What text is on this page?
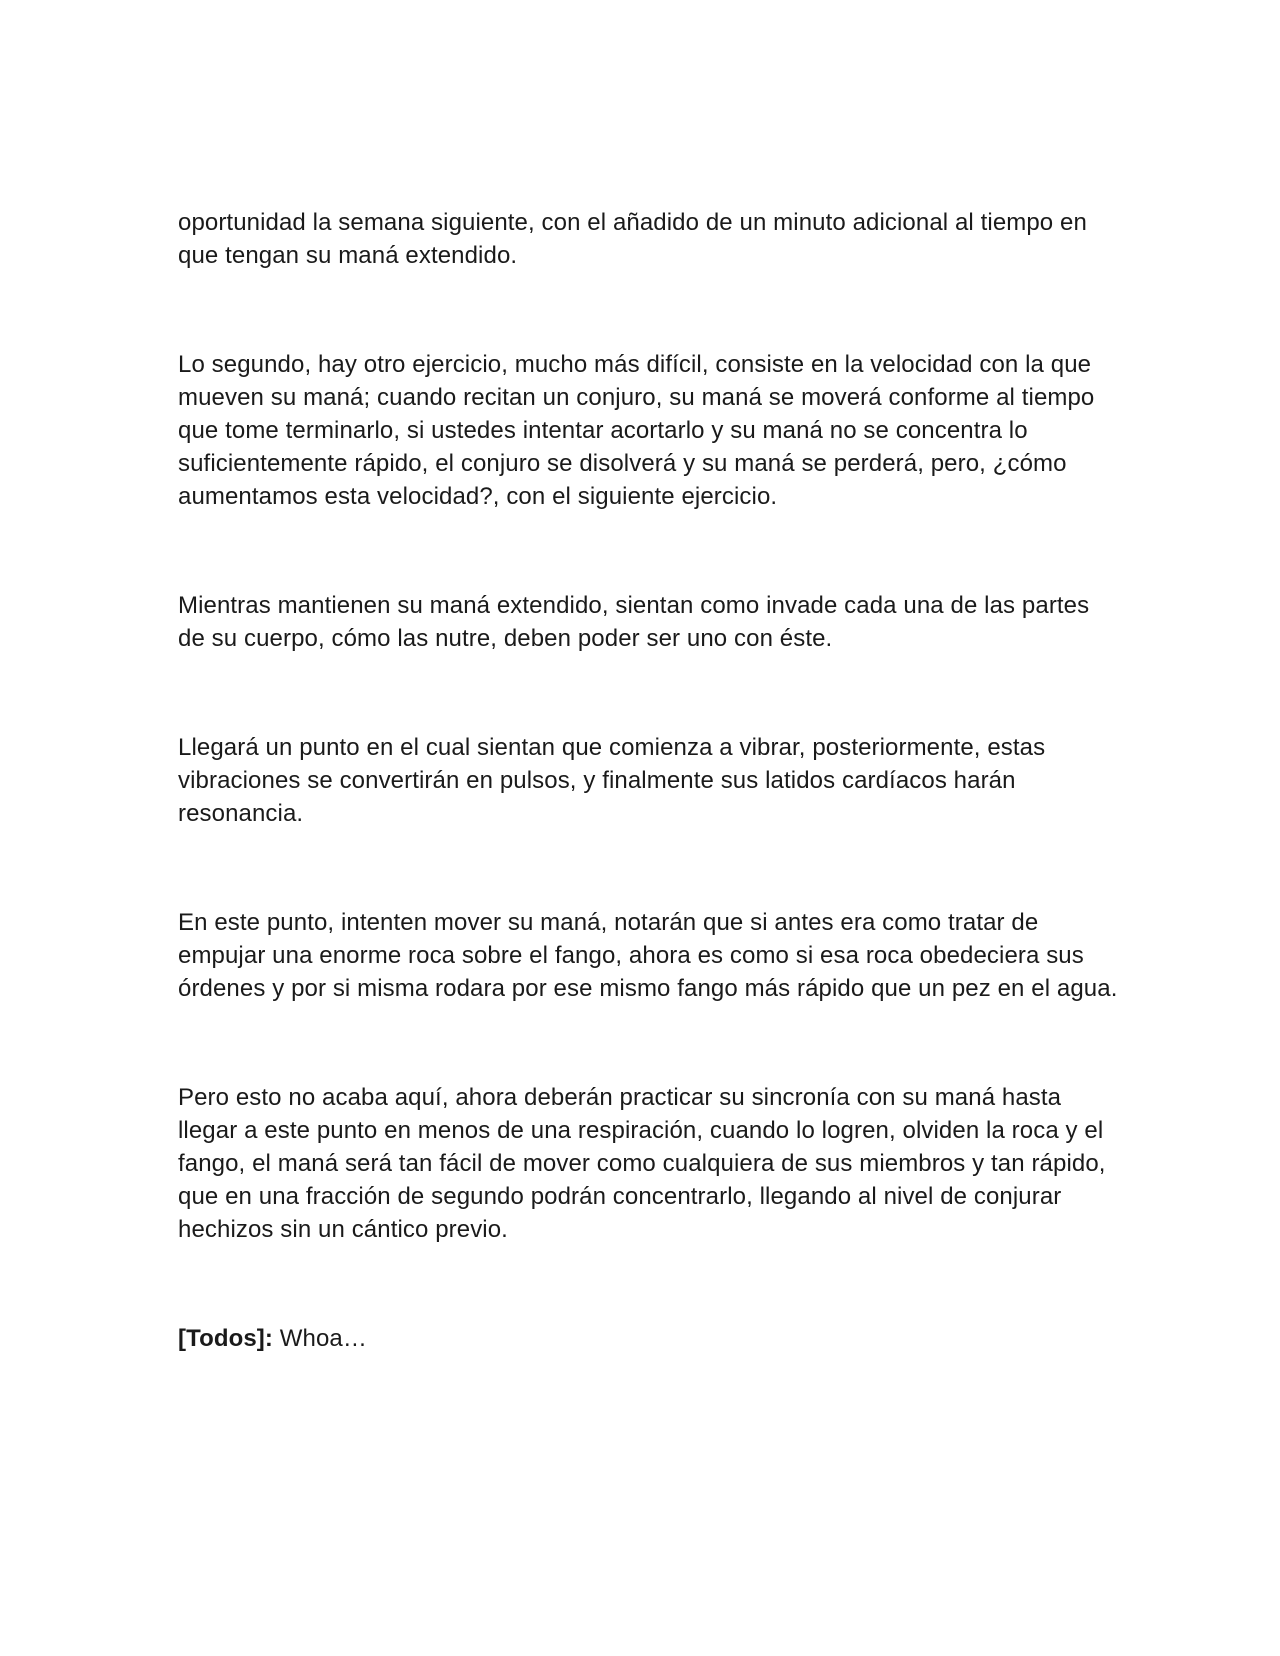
oportunidad la semana siguiente, con el añadido de un minuto adicional al tiempo en que tengan su maná extendido.

Lo segundo, hay otro ejercicio, mucho más difícil, consiste en la velocidad con la que mueven su maná; cuando recitan un conjuro, su maná se moverá conforme al tiempo que tome terminarlo, si ustedes intentar acortarlo y su maná no se concentra lo suficientemente rápido, el conjuro se disolverá y su maná se perderá, pero, ¿cómo aumentamos esta velocidad?, con el siguiente ejercicio.

Mientras mantienen su maná extendido, sientan como invade cada una de las partes de su cuerpo, cómo las nutre, deben poder ser uno con éste.

Llegará un punto en el cual sientan que comienza a vibrar, posteriormente, estas vibraciones se convertirán en pulsos, y finalmente sus latidos cardíacos harán resonancia.

En este punto, intenten mover su maná, notarán que si antes era como tratar de empujar una enorme roca sobre el fango, ahora es como si esa roca obedeciera sus órdenes y por si misma rodara por ese mismo fango más rápido que un pez en el agua.

Pero esto no acaba aquí, ahora deberán practicar su sincronía con su maná hasta llegar a este punto en menos de una respiración, cuando lo logren, olviden la roca y el fango, el maná será tan fácil de mover como cualquiera de sus miembros y tan rápido, que en una fracción de segundo podrán concentrarlo, llegando al nivel de conjurar hechizos sin un cántico previo.

[Todos]: Whoa…
